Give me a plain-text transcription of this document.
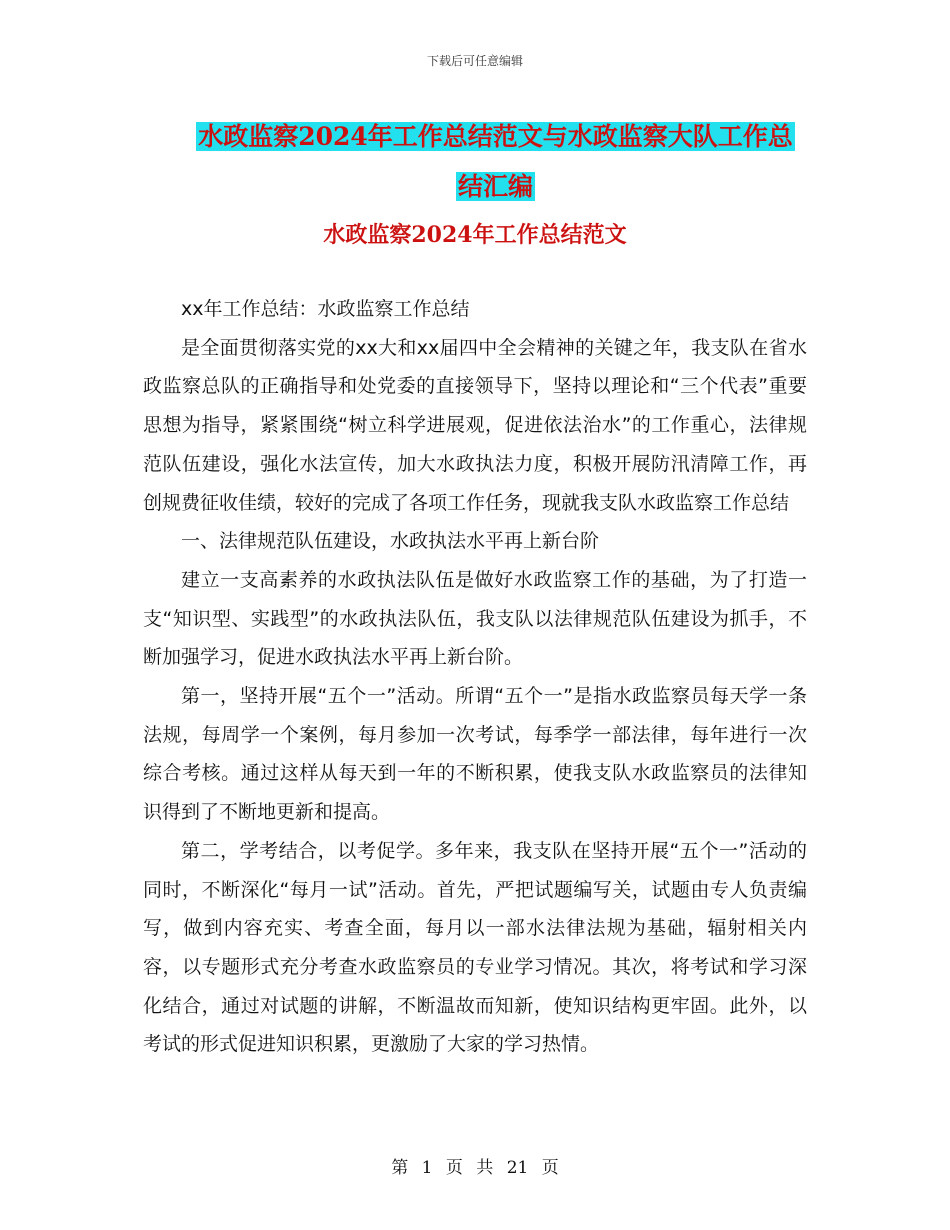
下载后可任意编辑
水政监察2024年工作总结范文与水政监察大队工作总
结汇编
水政监察2024年工作总结范文

xx年工作总结：水政监察工作总结

是全面贯彻落实党的xx大和xx届四中全会精神的关键之年，我支队在省水政监察总队的正确指导和处党委的直接领导下，坚持以理论和“三个代表”重要思想为指导，紧紧围绕“树立科学进展观，促进依法治水”的工作重心，法律规范队伍建设，强化水法宣传，加大水政执法力度，积极开展防汛清障工作，再创规费征收佳绩，较好的完成了各项工作任务，现就我支队水政监察工作总结

一、法律规范队伍建设，水政执法水平再上新台阶

建立一支高素养的水政执法队伍是做好水政监察工作的基础，为了打造一支“知识型、实践型”的水政执法队伍，我支队以法律规范队伍建设为抓手，不断加强学习，促进水政执法水平再上新台阶。

第一，坚持开展“五个一”活动。所谓“五个一”是指水政监察员每天学一条法规，每周学一个案例，每月参加一次考试，每季学一部法律，每年进行一次综合考核。通过这样从每天到一年的不断积累，使我支队水政监察员的法律知识得到了不断地更新和提高。

第二，学考结合，以考促学。多年来，我支队在坚持开展“五个一”活动的同时，不断深化“每月一试”活动。首先，严把试题编写关，试题由专人负责编写，做到内容充实、考查全面，每月以一部水法律法规为基础，辐射相关内容，以专题形式充分考查水政监察员的专业学习情况。其次，将考试和学习深化结合，通过对试题的讲解，不断温故而知新，使知识结构更牢固。此外，以考试的形式促进知识积累，更激励了大家的学习热情。

第 1 页 共 21 页
